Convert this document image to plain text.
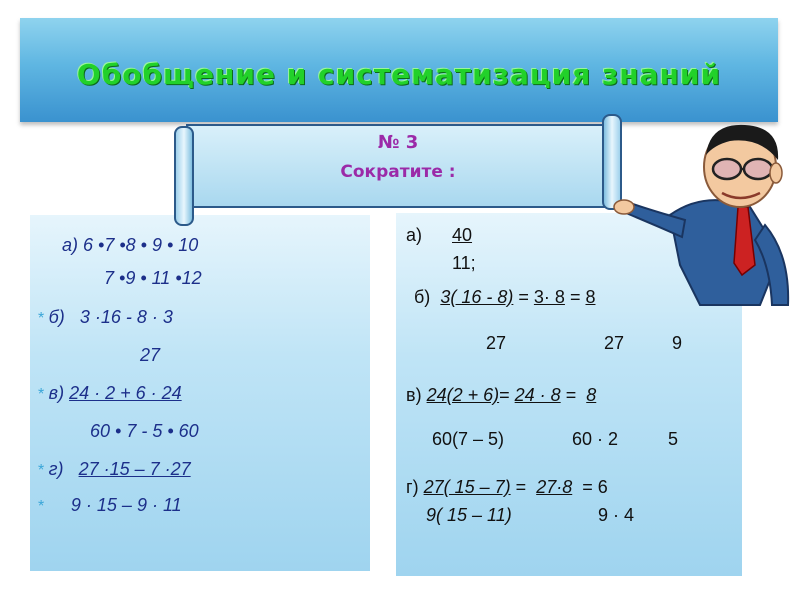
Обобщение и систематизация знаний
а) 6 •7 •8 • 9 • 10
7 •9 • 11 •12
* б) 3 ·16 - 8 · 3
27
* в) 24 · 2 + 6 · 24
60 • 7 - 5 • 60
* г) 27 ·15 – 7 ·27
*      9 · 15 – 9 · 11
а) 40
11;
б) 3( 16 - 8) = 3· 8 = 8
27	27	9
в) 24(2 + 6)= 24 · 8 = 8
60(7 – 5)	60 · 2	5
г) 27( 15 – 7) = 27·8 = 6
9( 15 – 11)	9 · 4
№ 3
Сократите :
